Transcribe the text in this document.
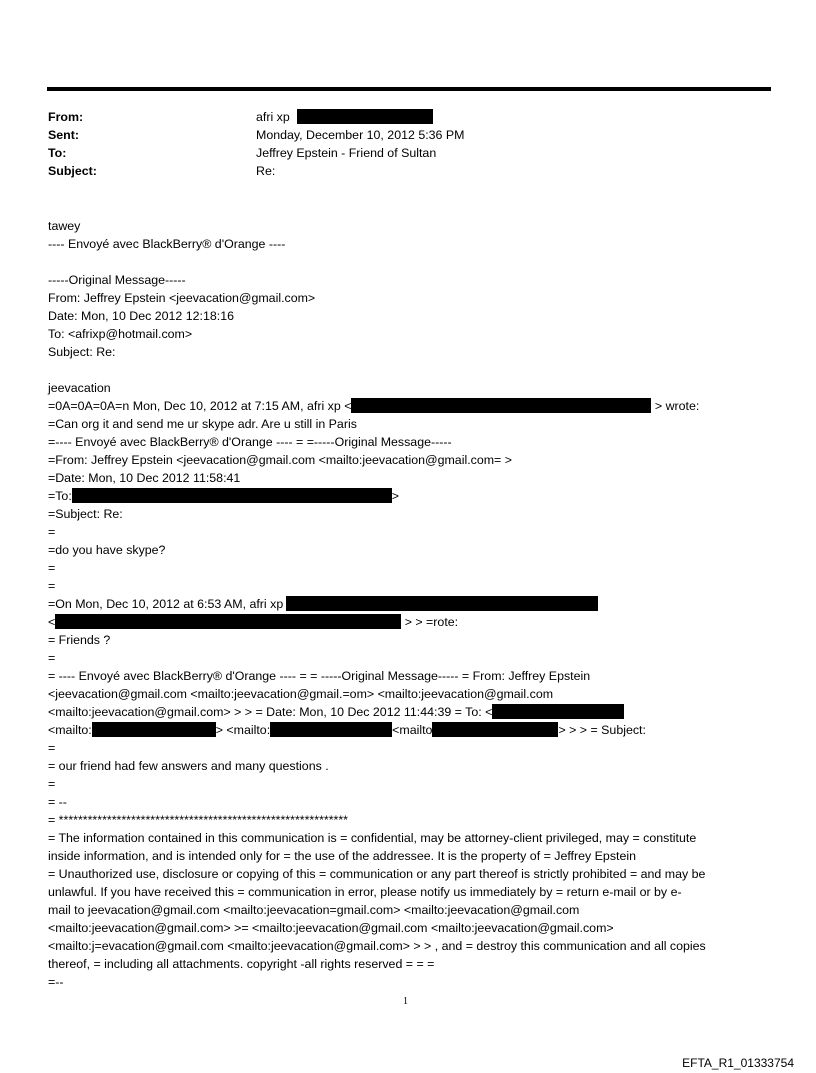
From:	afri xp
Sent:	Monday, December 10, 2012 5:36 PM
To:	Jeffrey Epstein - Friend of Sultan
Subject:	Re:
tawey
---- Envoyé avec BlackBerry® d'Orange ----
-----Original Message-----
From: Jeffrey Epstein <jeevacation@gmail.com>
Date: Mon, 10 Dec 2012 12:18:16
To: <afrixp@hotmail.com>
Subject: Re:
jeevacation
=0A=0A=0A=n Mon, Dec 10, 2012 at 7:15 AM, afri xp <	> wrote:
=Can org it and send me ur skype adr. Are u still in Paris
=---- Envoyé avec BlackBerry® d'Orange ---- = =-----Original Message-----
=From: Jeffrey Epstein <jeevacation@gmail.com <mailto:jeevacation@gmail.com= >
=Date: Mon, 10 Dec 2012 11:58:41
=To:	>
=Subject: Re:
=
=do you have skype?
=
=
=On Mon, Dec 10, 2012 at 6:53 AM, afri xp
<	> > =rote:
= Friends ?
=
= ---- Envoyé avec BlackBerry® d'Orange ---- = = -----Original Message----- = From: Jeffrey Epstein
<jeevacation@gmail.com <mailto:jeevacation@gmail.=om> <mailto:jeevacation@gmail.com
<mailto:jeevacation@gmail.com> > > = Date: Mon, 10 Dec 2012 11:44:39 = To: <
<mailto:	> <mailto:	<mailto	> > > = Subject:
=
= our friend had few answers and many questions .
=
= --
= ************************************************************
= The information contained in this communication is = confidential, may be attorney-client privileged, may = constitute
inside information, and is intended only for = the use of the addressee. It is the property of = Jeffrey Epstein
= Unauthorized use, disclosure or copying of this = communication or any part thereof is strictly prohibited = and may be
unlawful. If you have received this = communication in error, please notify us immediately by = return e-mail or by e-
mail to jeevacation@gmail.com <mailto:jeevacation=gmail.com> <mailto:jeevacation@gmail.com
<mailto:jeevacation@gmail.com> >= <mailto:jeevacation@gmail.com <mailto:jeevacation@gmail.com>
<mailto:j=evacation@gmail.com <mailto:jeevacation@gmail.com> > > , and = destroy this communication and all copies
thereof, = including all attachments. copyright -all rights reserved = = =
=--
1
EFTA_R1_01333754
